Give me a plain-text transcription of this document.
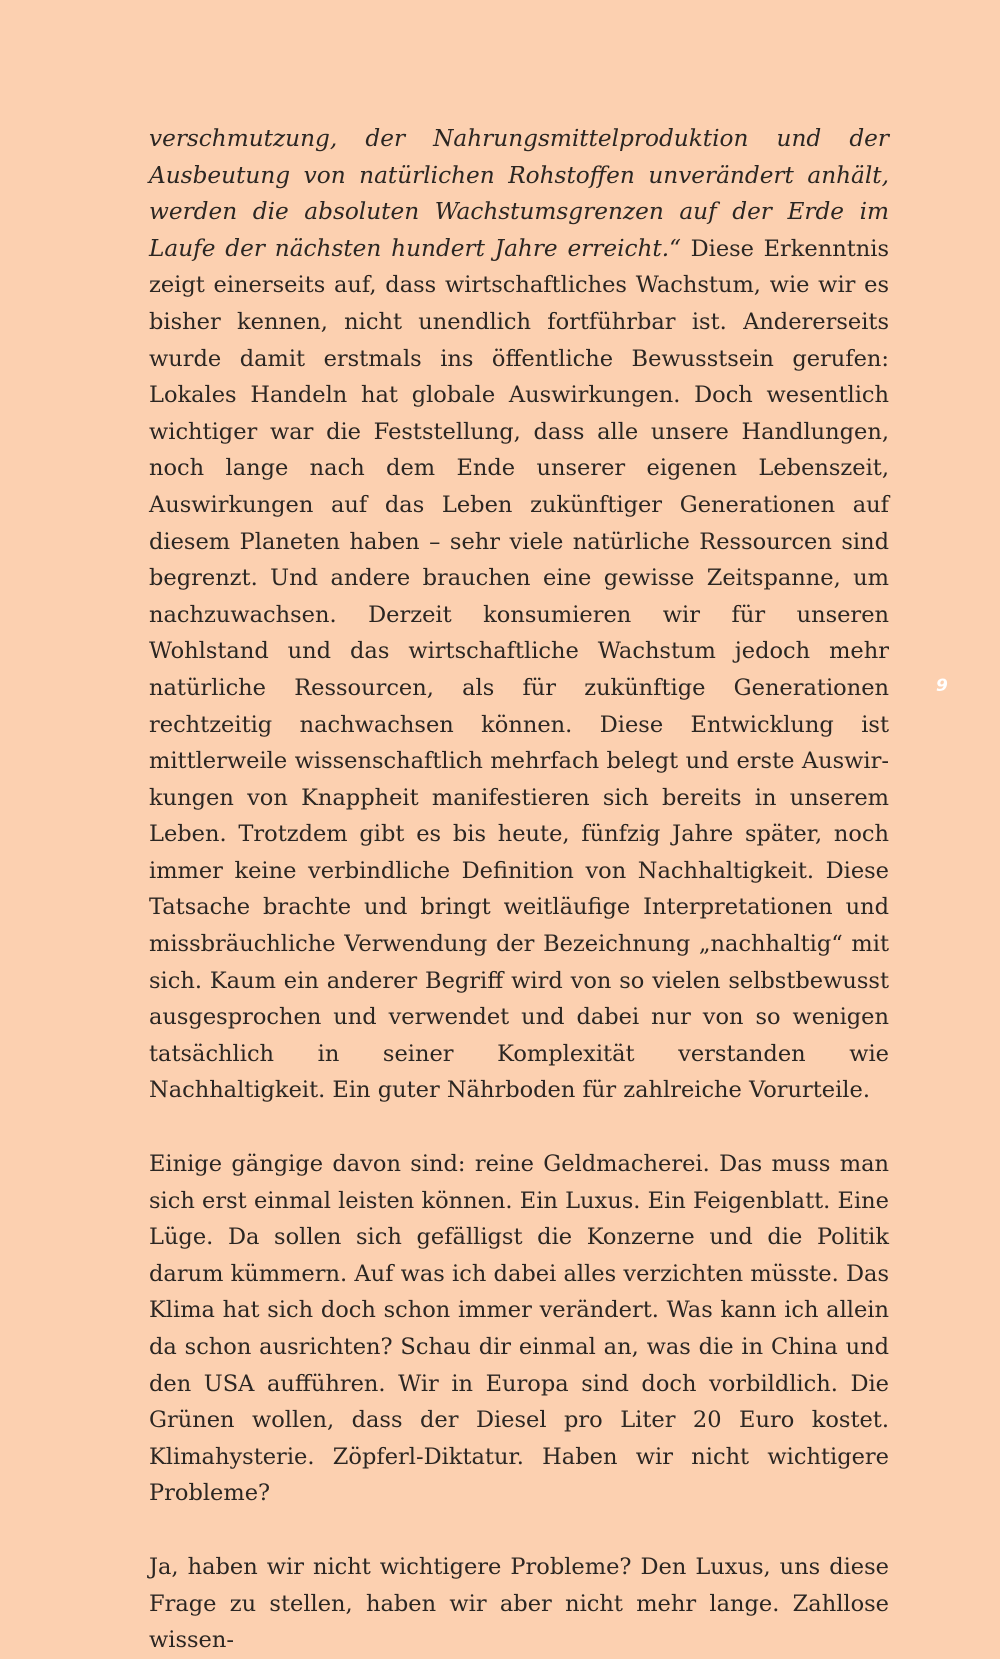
verschmutzung, der Nahrungsmittelproduktion und der Ausbeutung von natürlichen Rohstoffen unverändert anhält, werden die absoluten Wachstumsgrenzen auf der Erde im Laufe der nächsten hundert Jahre erreicht.“ Diese Erkenntnis zeigt einerseits auf, dass wirtschaftliches Wachstum, wie wir es bisher kennen, nicht unendlich fortführbar ist. Andererseits wurde damit erstmals ins öffentliche Bewusstsein gerufen: Lokales Handeln hat globale Auswirkungen. Doch wesentlich wichtiger war die Feststellung, dass alle unsere Handlungen, noch lange nach dem Ende unserer eigenen Lebenszeit, Auswirkungen auf das Leben zukünftiger Generationen auf diesem Planeten haben – sehr viele natürliche Ressourcen sind begrenzt. Und andere brauchen eine gewisse Zeitspanne, um nachzuwachsen. Derzeit konsumieren wir für unseren Wohlstand und das wirtschaftliche Wachstum jedoch mehr natürliche Ressourcen, als für zukünftige Generationen rechtzeitig nachwachsen können. Diese Entwicklung ist mittlerweile wissenschaftlich mehrfach belegt und erste Auswirkungen von Knappheit manifestieren sich bereits in unserem Leben. Trotzdem gibt es bis heute, fünfzig Jahre später, noch immer keine verbindliche Definition von Nachhaltigkeit. Diese Tatsache brachte und bringt weitläufige Interpretationen und missbräuchliche Verwendung der Bezeichnung „nachhaltig“ mit sich. Kaum ein anderer Begriff wird von so vielen selbstbewusst ausgesprochen und verwendet und dabei nur von so wenigen tatsächlich in seiner Komplexität verstanden wie Nachhaltigkeit. Ein guter Nährboden für zahlreiche Vorurteile.

Einige gängige davon sind: reine Geldmacherei. Das muss man sich erst einmal leisten können. Ein Luxus. Ein Feigenblatt. Eine Lüge. Da sollen sich gefälligst die Konzerne und die Politik darum kümmern. Auf was ich dabei alles verzichten müsste. Das Klima hat sich doch schon immer verändert. Was kann ich allein da schon ausrichten? Schau dir einmal an, was die in China und den USA aufführen. Wir in Europa sind doch vorbildlich. Die Grünen wollen, dass der Diesel pro Liter 20 Euro kostet. Klimahysterie. Zöpferl-Diktatur. Haben wir nicht wichtigere Probleme?

Ja, haben wir nicht wichtigere Probleme? Den Luxus, uns diese Frage zu stellen, haben wir aber nicht mehr lange. Zahllose wissen-

9
